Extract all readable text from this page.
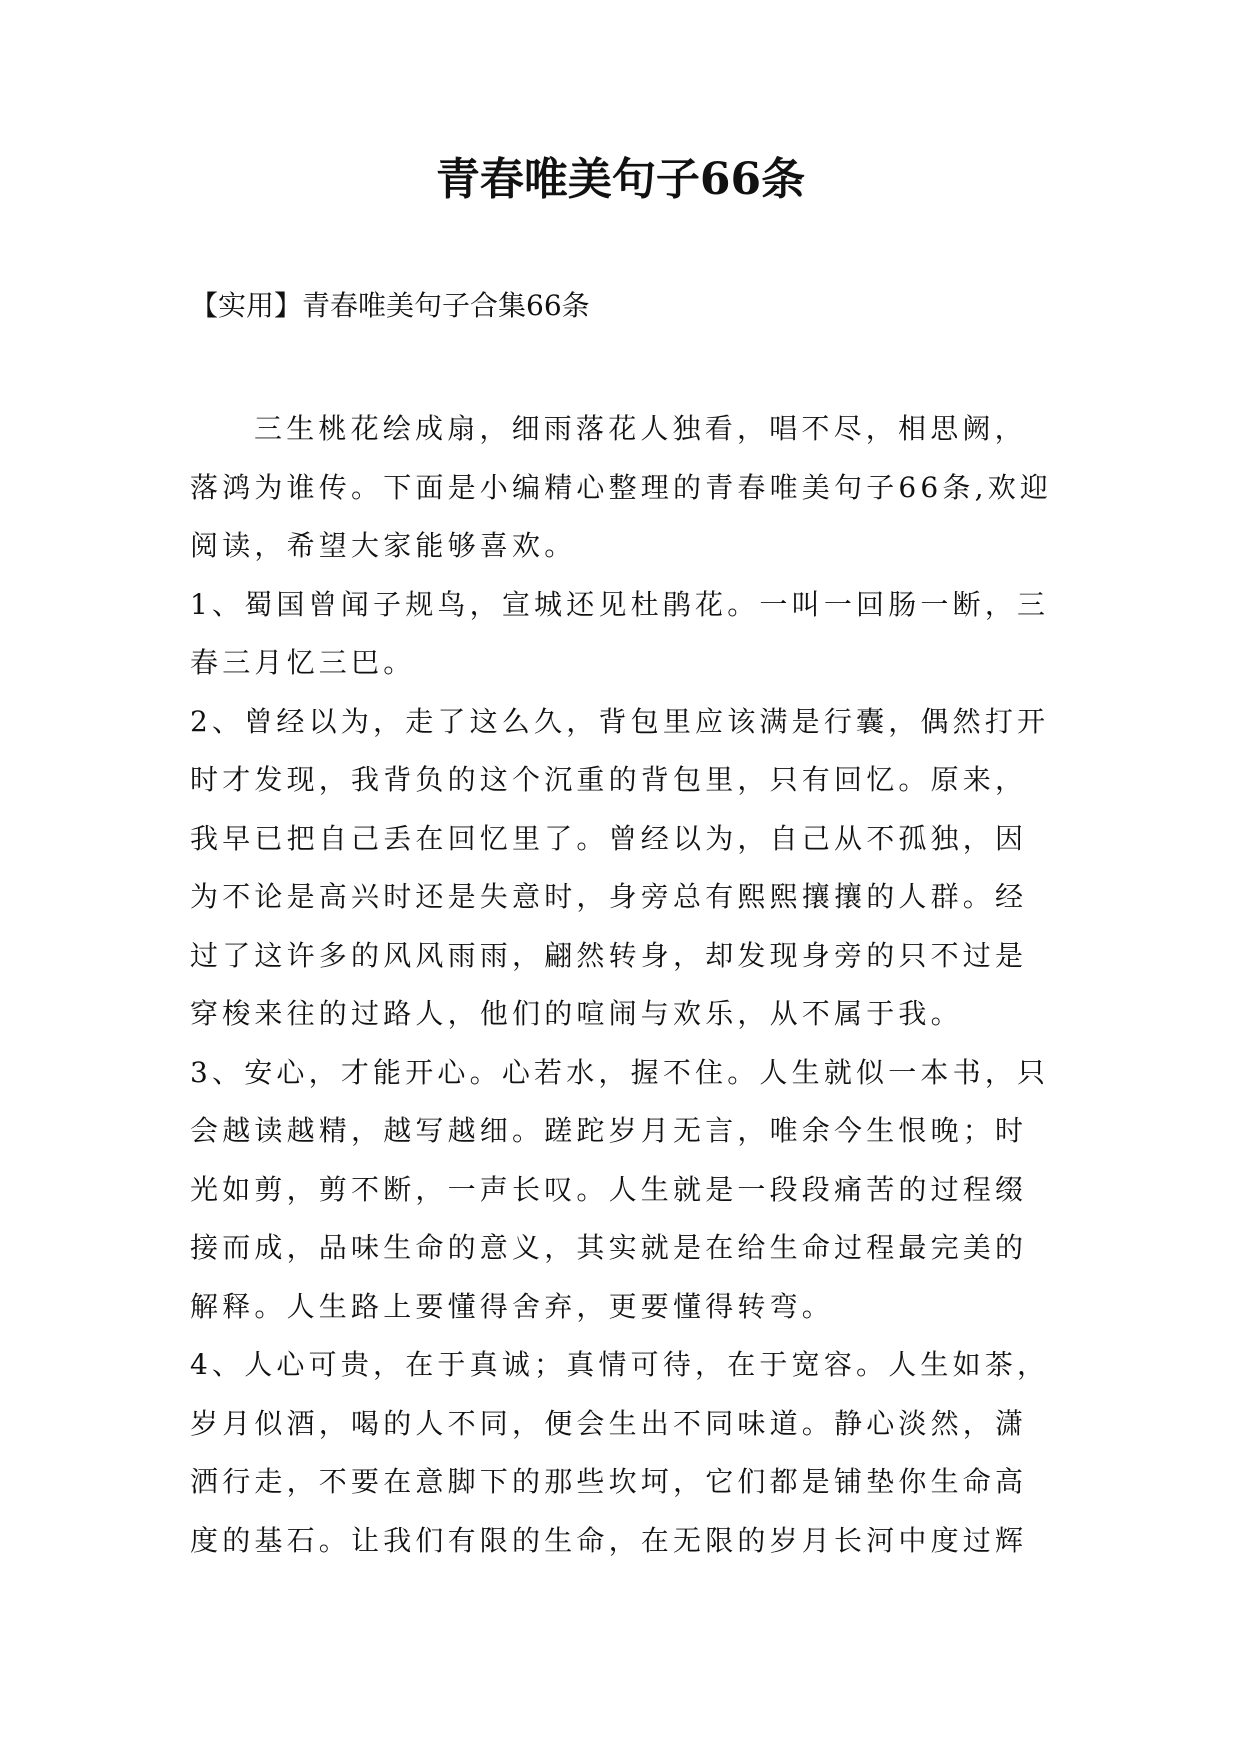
青春唯美句子66条
【实用】青春唯美句子合集66条

三生桃花绘成扇，细雨落花人独看，唱不尽，相思阙，落鸿为谁传。下面是小编精心整理的青春唯美句子66条,欢迎阅读，希望大家能够喜欢。

1、蜀国曾闻子规鸟，宣城还见杜鹃花。一叫一回肠一断，三春三月忆三巴。

2、曾经以为，走了这么久，背包里应该满是行囊，偶然打开时才发现，我背负的这个沉重的背包里，只有回忆。原来，我早已把自己丢在回忆里了。曾经以为，自己从不孤独，因为不论是高兴时还是失意时，身旁总有熙熙攘攘的人群。经过了这许多的风风雨雨，翩然转身，却发现身旁的只不过是穿梭来往的过路人，他们的喧闹与欢乐，从不属于我。

3、安心，才能开心。心若水，握不住。人生就似一本书，只会越读越精，越写越细。蹉跎岁月无言，唯余今生恨晚；时光如剪，剪不断，一声长叹。人生就是一段段痛苦的过程缀接而成，品味生命的意义，其实就是在给生命过程最完美的解释。人生路上要懂得舍弃，更要懂得转弯。

4、人心可贵，在于真诚；真情可待，在于宽容。人生如茶，岁月似酒，喝的人不同，便会生出不同味道。静心淡然，潇洒行走，不要在意脚下的那些坎坷，它们都是铺垫你生命高度的基石。让我们有限的生命，在无限的岁月长河中度过辉
